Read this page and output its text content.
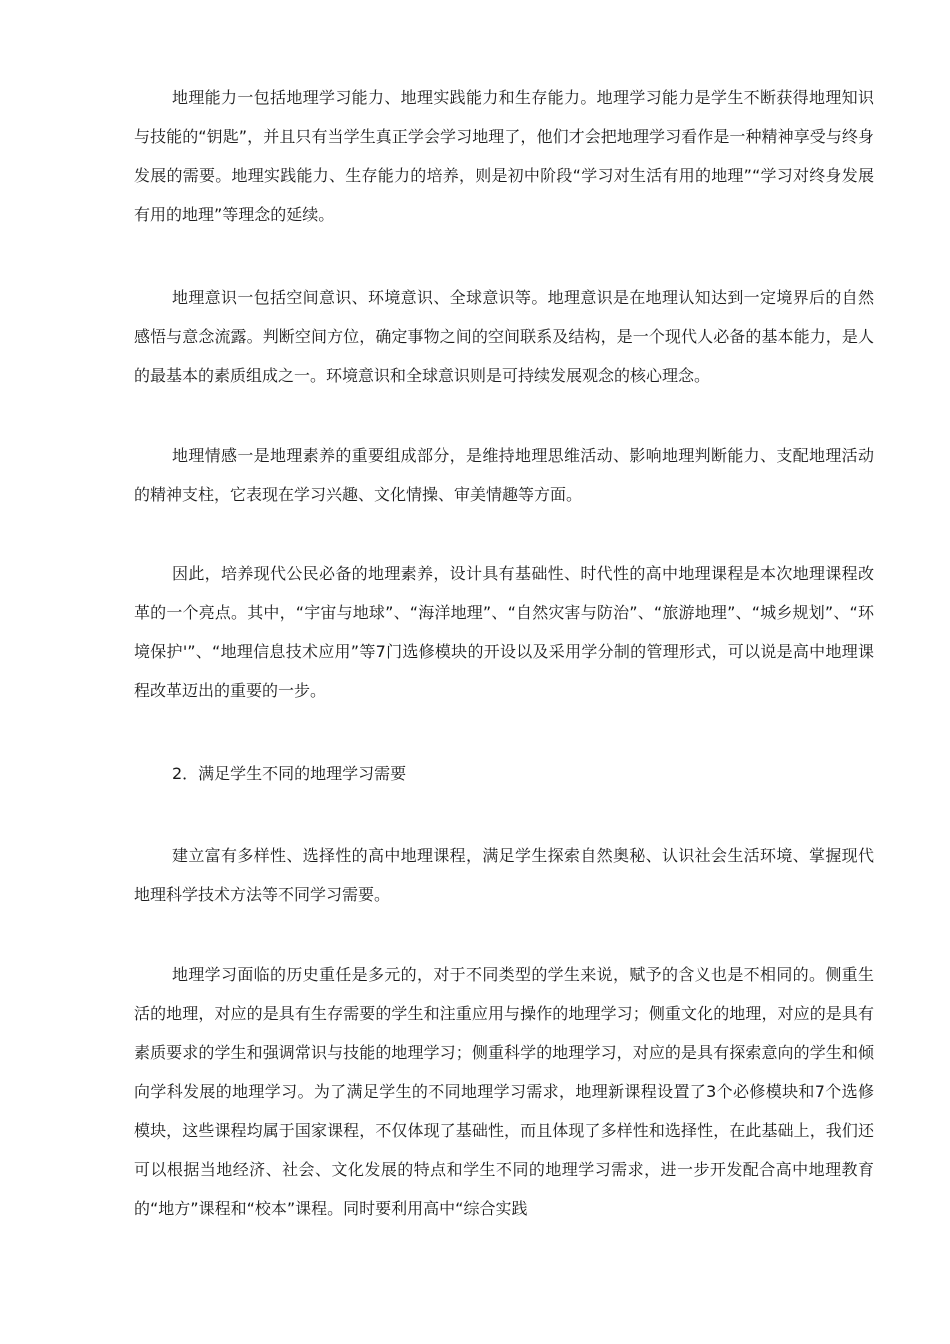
地理能力一包括地理学习能力、地理实践能力和生存能力。地理学习能力是学生不断获得地理知识与技能的“钥匙”，并且只有当学生真正学会学习地理了，他们才会把地理学习看作是一种精神享受与终身发展的需要。地理实践能力、生存能力的培养，则是初中阶段“学习对生活有用的地理”“学习对终身发展有用的地理”等理念的延续。

地理意识一包括空间意识、环境意识、全球意识等。地理意识是在地理认知达到一定境界后的自然感悟与意念流露。判断空间方位，确定事物之间的空间联系及结构，是一个现代人必备的基本能力，是人的最基本的素质组成之一。环境意识和全球意识则是可持续发展观念的核心理念。

地理情感一是地理素养的重要组成部分，是维持地理思维活动、影响地理判断能力、支配地理活动的精神支柱，它表现在学习兴趣、文化情操、审美情趣等方面。

因此，培养现代公民必备的地理素养，设计具有基础性、时代性的高中地理课程是本次地理课程改革的一个亮点。其中，“宇宙与地球”、“海洋地理”、“自然灾害与防治”、“旅游地理”、“城乡规划”、“环境保护'”、“地理信息技术应用”等7门选修模块的开设以及采用学分制的管理形式，可以说是高中地理课程改革迈出的重要的一步。

2．满足学生不同的地理学习需要

建立富有多样性、选择性的高中地理课程，满足学生探索自然奥秘、认识社会生活环境、掌握现代地理科学技术方法等不同学习需要。

地理学习面临的历史重任是多元的，对于不同类型的学生来说，赋予的含义也是不相同的。侧重生活的地理，对应的是具有生存需要的学生和注重应用与操作的地理学习；侧重文化的地理，对应的是具有素质要求的学生和强调常识与技能的地理学习；侧重科学的地理学习，对应的是具有探索意向的学生和倾向学科发展的地理学习。为了满足学生的不同地理学习需求，地理新课程设置了3个必修模块和7个选修模块，这些课程均属于国家课程，不仅体现了基础性，而且体现了多样性和选择性，在此基础上，我们还可以根据当地经济、社会、文化发展的特点和学生不同的地理学习需求，进一步开发配合高中地理教育的“地方”课程和“校本”课程。同时要利用高中“综合实践
